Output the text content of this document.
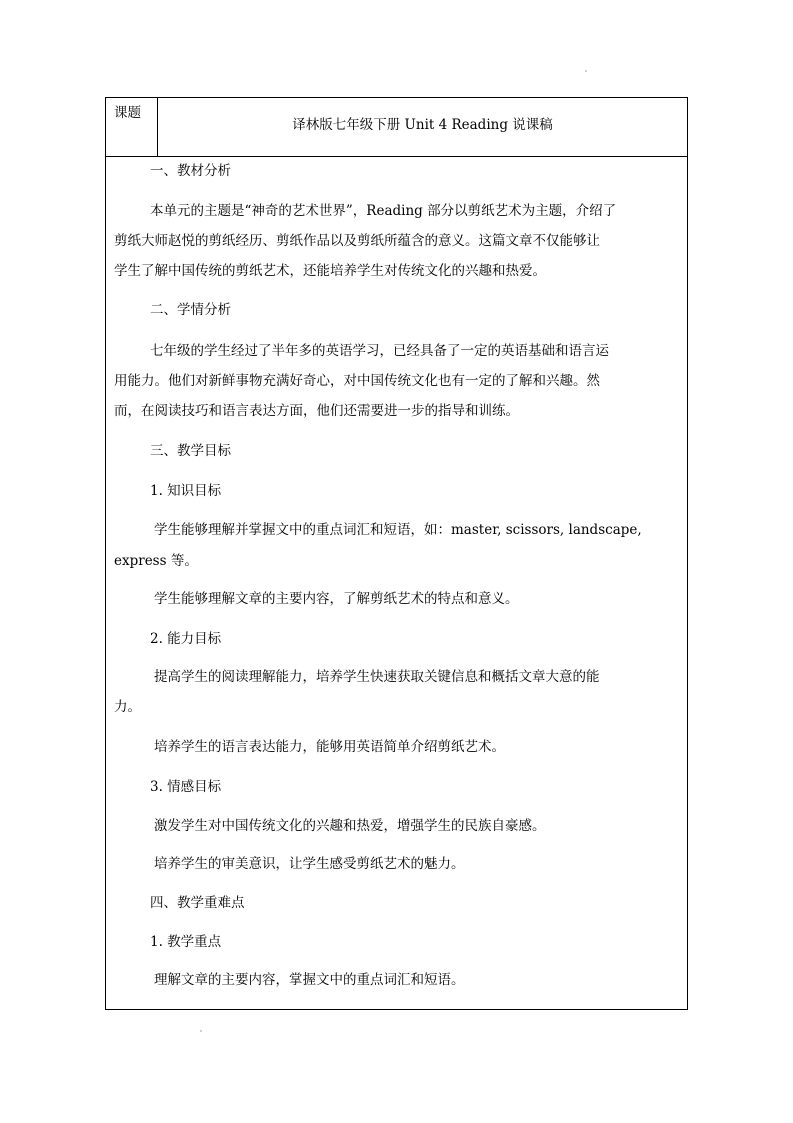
课题
译林版七年级下册 Unit 4 Reading 说课稿
一、教材分析
本单元的主题是“神奇的艺术世界”，Reading 部分以剪纸艺术为主题，介绍了
剪纸大师赵悦的剪纸经历、剪纸作品以及剪纸所蕴含的意义。这篇文章不仅能够让
学生了解中国传统的剪纸艺术，还能培养学生对传统文化的兴趣和热爱。
二、学情分析
七年级的学生经过了半年多的英语学习，已经具备了一定的英语基础和语言运
用能力。他们对新鲜事物充满好奇心，对中国传统文化也有一定的了解和兴趣。然
而，在阅读技巧和语言表达方面，他们还需要进一步的指导和训练。
三、教学目标
1. 知识目标
学生能够理解并掌握文中的重点词汇和短语，如：master, scissors, landscape,
express 等。
学生能够理解文章的主要内容，了解剪纸艺术的特点和意义。
2. 能力目标
提高学生的阅读理解能力，培养学生快速获取关键信息和概括文章大意的能
力。
培养学生的语言表达能力，能够用英语简单介绍剪纸艺术。
3. 情感目标
激发学生对中国传统文化的兴趣和热爱，增强学生的民族自豪感。
培养学生的审美意识，让学生感受剪纸艺术的魅力。
四、教学重难点
1. 教学重点
理解文章的主要内容，掌握文中的重点词汇和短语。
